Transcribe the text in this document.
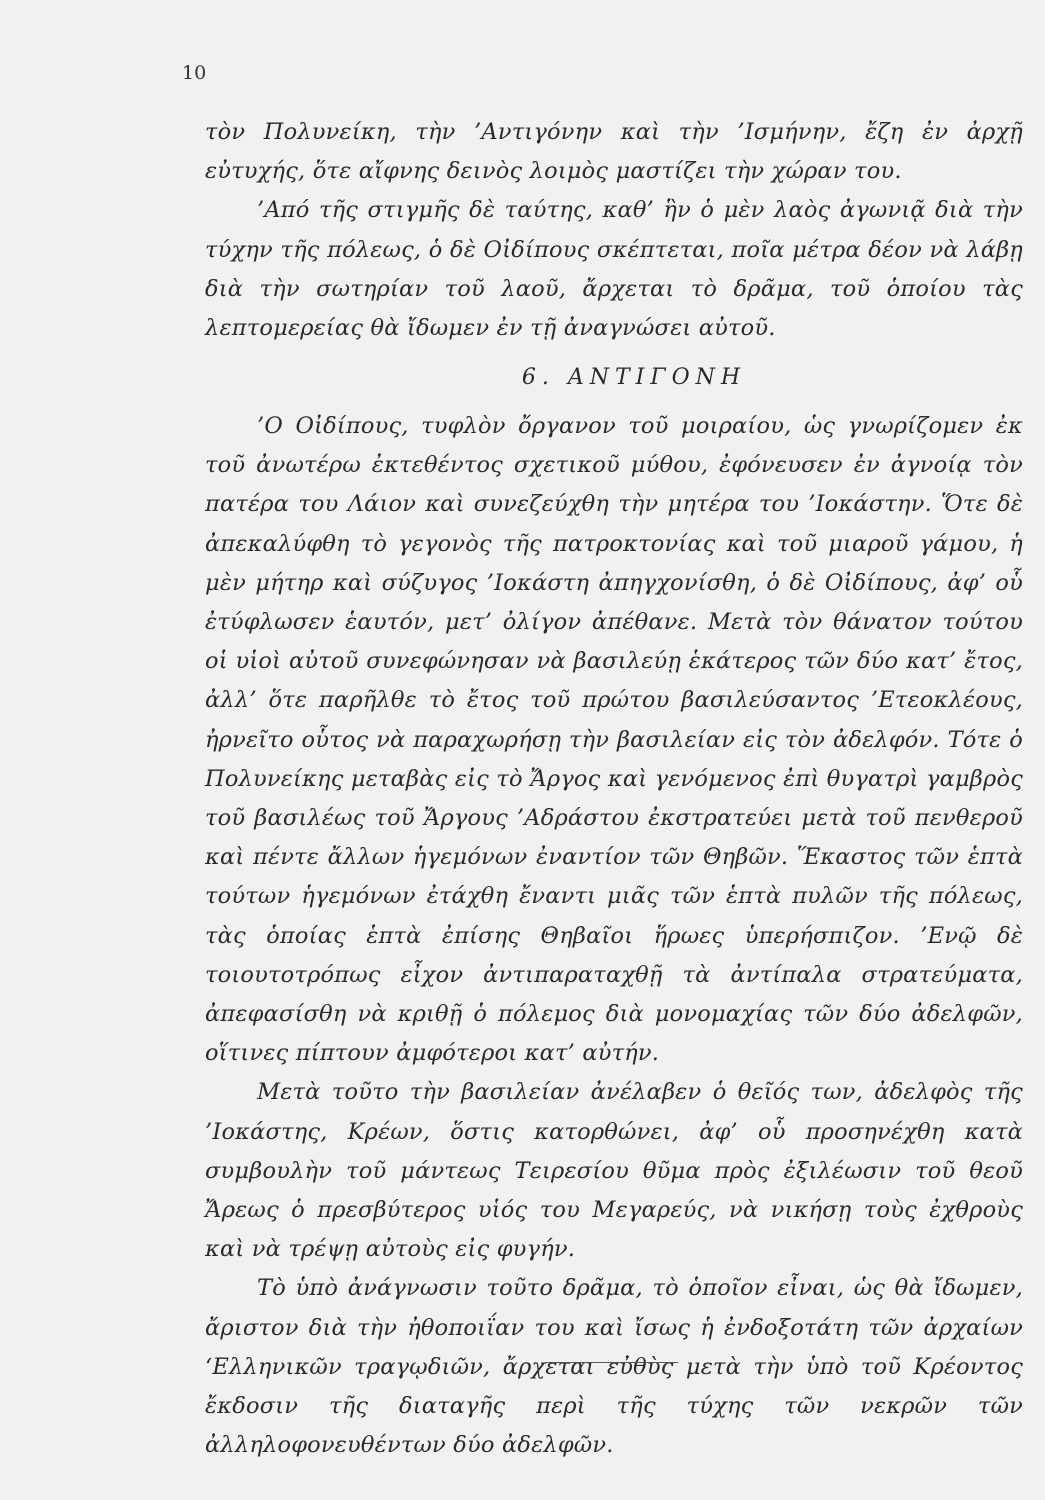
10

τὸν Πολυνείκη, τὴν ’Αντιγόνην καὶ τὴν ’Ισμήνην, ἔζη ἐν ἀρχῇ εὐτυχής, ὅτε αἴφνης δεινὸς λοιμὸς μαστίζει τὴν χώραν του.

’Από τῆς στιγμῆς δὲ ταύτης, καθ’ ἣν ὁ μὲν λαὸς ἀγωνιᾷ διὰ τὴν τύχην τῆς πόλεως, ὁ δὲ Οἰδίπους σκέπτεται, ποῖα μέτρα δέον νὰ λάβῃ διὰ τὴν σωτηρίαν τοῦ λαοῦ, ἄρχεται τὸ δρᾶμα, τοῦ ὁποίου τὰς λεπτομερείας θὰ ἴδωμεν ἐν τῇ ἀναγνώσει αὐτοῦ.

6. ΑΝΤΙΓΟΝΗ

’Ο Οἰδίπους, τυφλὸν ὄργανον τοῦ μοιραίου, ὡς γνωρίζομεν ἐκ τοῦ ἀνωτέρω ἐκτεθέντος σχετικοῦ μύθου, ἐφόνευσεν ἐν ἀγνοίᾳ τὸν πατέρα του Λάιον καὶ συνεζεύχθη τὴν μητέρα του ’Ιοκάστην. Ὅτε δὲ ἀπεκαλύφθη τὸ γεγονὸς τῆς πατροκτονίας καὶ τοῦ μιαροῦ γάμου, ἡ μὲν μήτηρ καὶ σύζυγος ’Ιοκάστη ἀπηγχονίσθη, ὁ δὲ Οἰδίπους, ἀφ’ οὗ ἐτύφλωσεν ἑαυτόν, μετ’ ὀλίγον ἀπέθανε. Μετὰ τὸν θάνατον τούτου οἱ υἱοὶ αὐτοῦ συνεφώνησαν νὰ βασιλεύῃ ἑκάτερος τῶν δύο κατ’ ἔτος, ἀλλ’ ὅτε παρῆλθε τὸ ἔτος τοῦ πρώτου βασιλεύσαντος ’Ετεοκλέους, ἠρνεῖτο οὗτος νὰ παραχωρήσῃ τὴν βασιλείαν εἰς τὸν ἀδελφόν. Τότε ὁ Πολυνείκης μεταβὰς εἰς τὸ Ἄργος καὶ γενόμενος ἐπὶ θυγατρὶ γαμβρὸς τοῦ βασιλέως τοῦ Ἄργους ’Αδράστου ἐκστρατεύει μετὰ τοῦ πενθεροῦ καὶ πέντε ἄλλων ἡγεμόνων ἐναντίον τῶν Θηβῶν. Ἕκαστος τῶν ἑπτὰ τούτων ἡγεμόνων ἐτάχθη ἔναντι μιᾶς τῶν ἑπτὰ πυλῶν τῆς πόλεως, τὰς ὁποίας ἑπτὰ ἐπίσης Θηβαῖοι ἥρωες ὑπερήσπιζον. ’Ενῷ δὲ τοιουτοτρόπως εἶχον ἀντιπαραταχθῇ τὰ ἀντίπαλα στρατεύματα, ἀπεφασίσθη νὰ κριθῇ ὁ πόλεμος διὰ μονομαχίας τῶν δύο ἀδελφῶν, οἵτινες πίπτουν ἀμφότεροι κατ’ αὐτήν.

Μετὰ τοῦτο τὴν βασιλείαν ἀνέλαβεν ὁ θεῖός των, ἀδελφὸς τῆς ’Ιοκάστης, Κρέων, ὅστις κατορθώνει, ἀφ’ οὗ προσηνέχθη κατὰ συμβουλὴν τοῦ μάντεως Τειρεσίου θῦμα πρὸς ἐξιλέωσιν τοῦ θεοῦ Ἄρεως ὁ πρεσβύτερος υἱός του Μεγαρεύς, νὰ νικήσῃ τοὺς ἐχθροὺς καὶ νὰ τρέψῃ αὐτοὺς εἰς φυγήν.

Τὸ ὑπὸ ἀνάγνωσιν τοῦτο δρᾶμα, τὸ ὁποῖον εἶναι, ὡς θὰ ἴδωμεν, ἄριστον διὰ τὴν ἠθοποιΐαν του καὶ ἴσως ἡ ἐνδοξοτάτη τῶν ἀρχαίων ‘Ελληνικῶν τραγῳδιῶν, ἄρχεται εὐθὺς μετὰ τὴν ὑπὸ τοῦ Κρέοντος ἔκδοσιν τῆς διαταγῆς περὶ τῆς τύχης τῶν νεκρῶν τῶν ἀλληλοφονευθέντων δύο ἀδελφῶν.
